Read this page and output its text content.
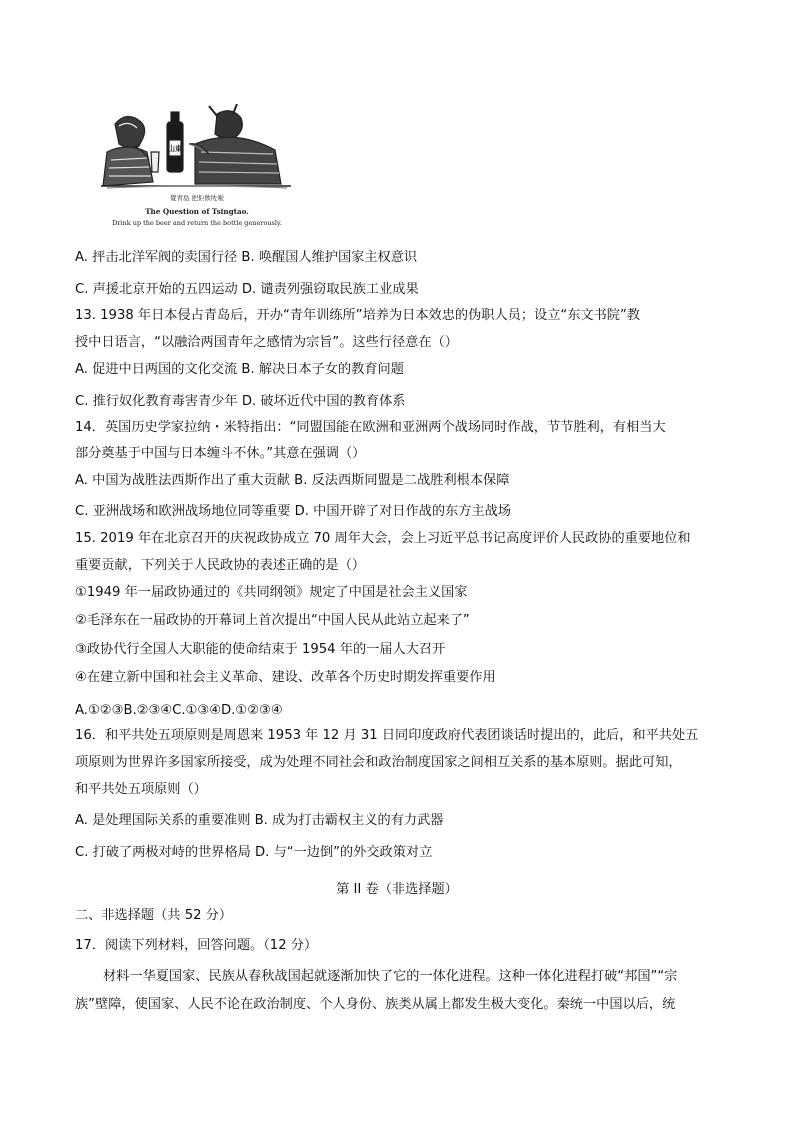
山東
覺青島 把佢飲咗啦
The Question of Tsingtao.
Drink up the beer and return the bottle generously.
A. 抨击北洋军阀的卖国行径 B. 唤醒国人维护国家主权意识
C. 声援北京开始的五四运动 D. 谴责列强窃取民族工业成果
13. 1938 年日本侵占青岛后，开办“青年训练所”培养为日本效忠的伪职人员；设立“东文书院”教
授中日语言，“以融洽两国青年之感情为宗旨”。这些行径意在（）
A. 促进中日两国的文化交流 B. 解决日本子女的教育问题
C. 推行奴化教育毒害青少年 D. 破坏近代中国的教育体系
14．英国历史学家拉纳・米特指出：“同盟国能在欧洲和亚洲两个战场同时作战，节节胜利，有相当大
部分奠基于中国与日本缠斗不休。”其意在强调（）
A. 中国为战胜法西斯作出了重大贡献 B. 反法西斯同盟是二战胜利根本保障
C. 亚洲战场和欧洲战场地位同等重要 D. 中国开辟了对日作战的东方主战场
15. 2019 年在北京召开的庆祝政协成立 70 周年大会，会上习近平总书记高度评价人民政协的重要地位和
重要贡献，下列关于人民政协的表述正确的是（）
①1949 年一届政协通过的《共同纲领》规定了中国是社会主义国家
②毛泽东在一届政协的开幕词上首次提出“中国人民从此站立起来了”
③政协代行全国人大职能的使命结束于 1954 年的一届人大召开
④在建立新中国和社会主义革命、建设、改革各个历史时期发挥重要作用
A.①②③B.②③④C.①③④D.①②③④
16．和平共处五项原则是周恩来 1953 年 12 月 31 日同印度政府代表团谈话时提出的，此后，和平共处五
项原则为世界许多国家所接受，成为处理不同社会和政治制度国家之间相互关系的基本原则。据此可知，
和平共处五项原则（）
A. 是处理国际关系的重要准则 B. 成为打击霸权主义的有力武器
C. 打破了两极对峙的世界格局 D. 与“一边倒”的外交政策对立
第 II 卷（非选择题）
二、非选择题（共 52 分）
17．阅读下列材料，回答问题。（12 分）
材料一华夏国家、民族从春秋战国起就逐渐加快了它的一体化进程。这种一体化进程打破“邦国”“宗
族”壁障，使国家、人民不论在政治制度、个人身份、族类从属上都发生极大变化。秦统一中国以后，统
